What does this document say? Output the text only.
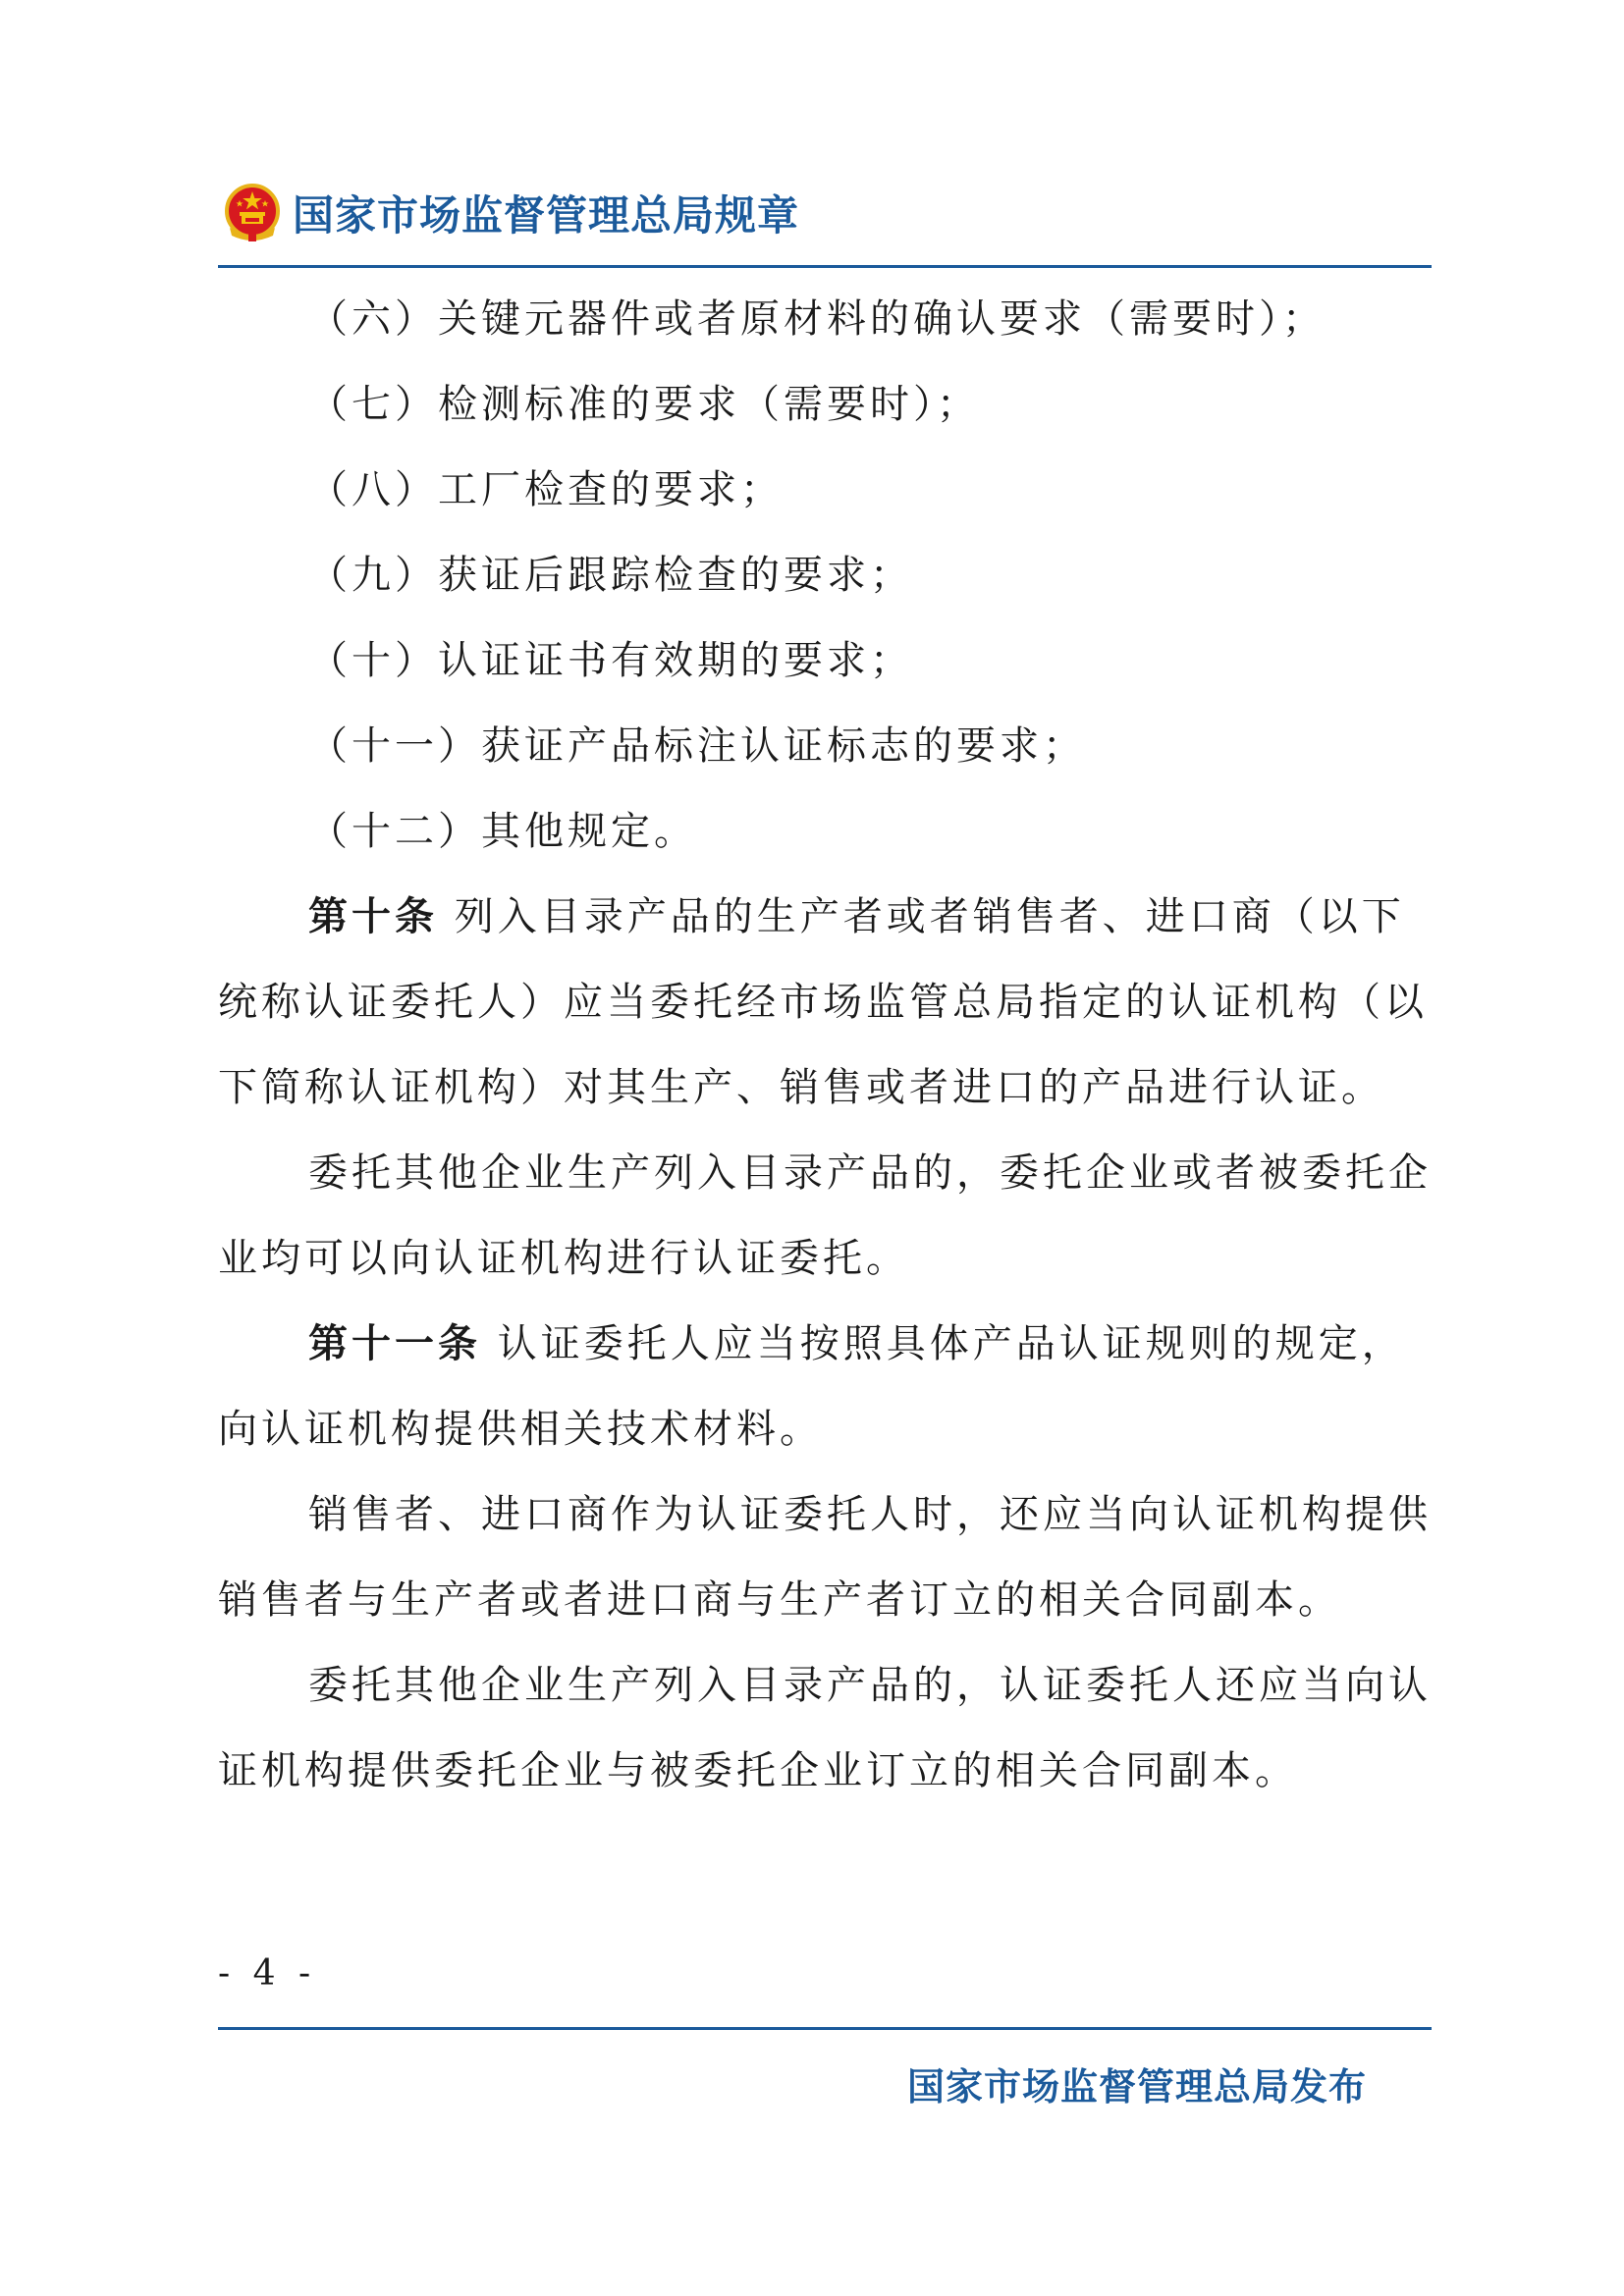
国家市场监督管理总局规章
（六）关键元器件或者原材料的确认要求（需要时）；
（七）检测标准的要求（需要时）；
（八）工厂检查的要求；
（九）获证后跟踪检查的要求；
（十）认证证书有效期的要求；
（十一）获证产品标注认证标志的要求；
（十二）其他规定。
第十条 列入目录产品的生产者或者销售者、进口商（以下
统称认证委托人）应当委托经市场监管总局指定的认证机构（以
下简称认证机构）对其生产、销售或者进口的产品进行认证。
委托其他企业生产列入目录产品的，委托企业或者被委托企
业均可以向认证机构进行认证委托。
第十一条 认证委托人应当按照具体产品认证规则的规定，
向认证机构提供相关技术材料。
销售者、进口商作为认证委托人时，还应当向认证机构提供
销售者与生产者或者进口商与生产者订立的相关合同副本。
委托其他企业生产列入目录产品的，认证委托人还应当向认
证机构提供委托企业与被委托企业订立的相关合同副本。
- 4 -
国家市场监督管理总局发布
